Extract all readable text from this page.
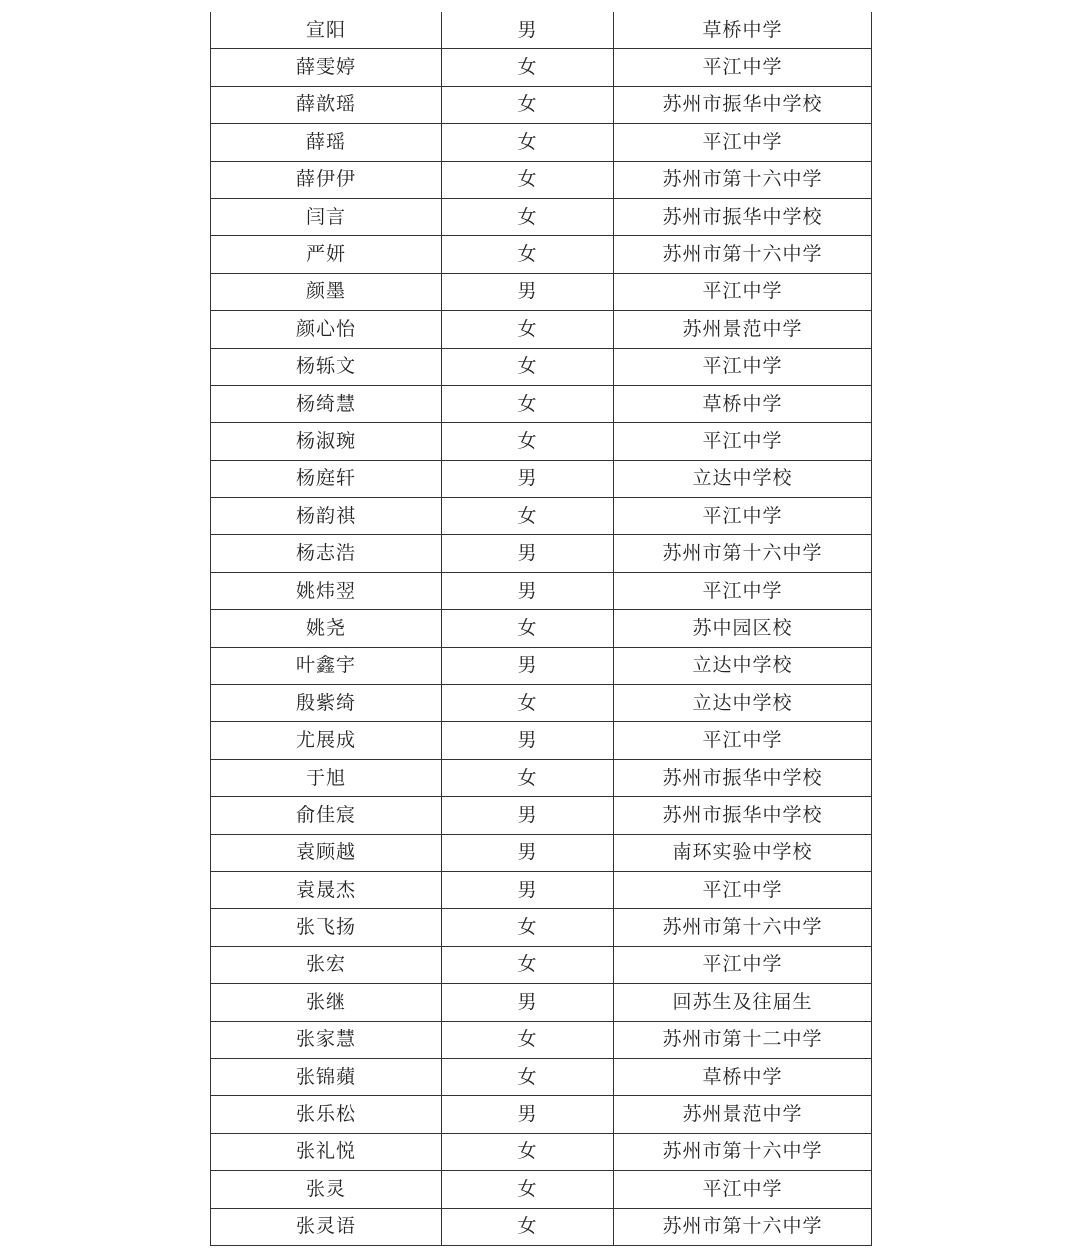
宣阳	男	草桥中学
薛雯婷	女	平江中学
薛歆瑶	女	苏州市振华中学校
薛瑶	女	平江中学
薛伊伊	女	苏州市第十六中学
闫言	女	苏州市振华中学校
严妍	女	苏州市第十六中学
颜墨	男	平江中学
颜心怡	女	苏州景范中学
杨轹文	女	平江中学
杨绮慧	女	草桥中学
杨淑琬	女	平江中学
杨庭轩	男	立达中学校
杨韵祺	女	平江中学
杨志浩	男	苏州市第十六中学
姚炜翌	男	平江中学
姚尧	女	苏中园区校
叶鑫宇	男	立达中学校
殷紫绮	女	立达中学校
尤展成	男	平江中学
于旭	女	苏州市振华中学校
俞佳宸	男	苏州市振华中学校
袁顾越	男	南环实验中学校
袁晟杰	男	平江中学
张飞扬	女	苏州市第十六中学
张宏	女	平江中学
张继	男	回苏生及往届生
张家慧	女	苏州市第十二中学
张锦蘋	女	草桥中学
张乐松	男	苏州景范中学
张礼悦	女	苏州市第十六中学
张灵	女	平江中学
张灵语	女	苏州市第十六中学
